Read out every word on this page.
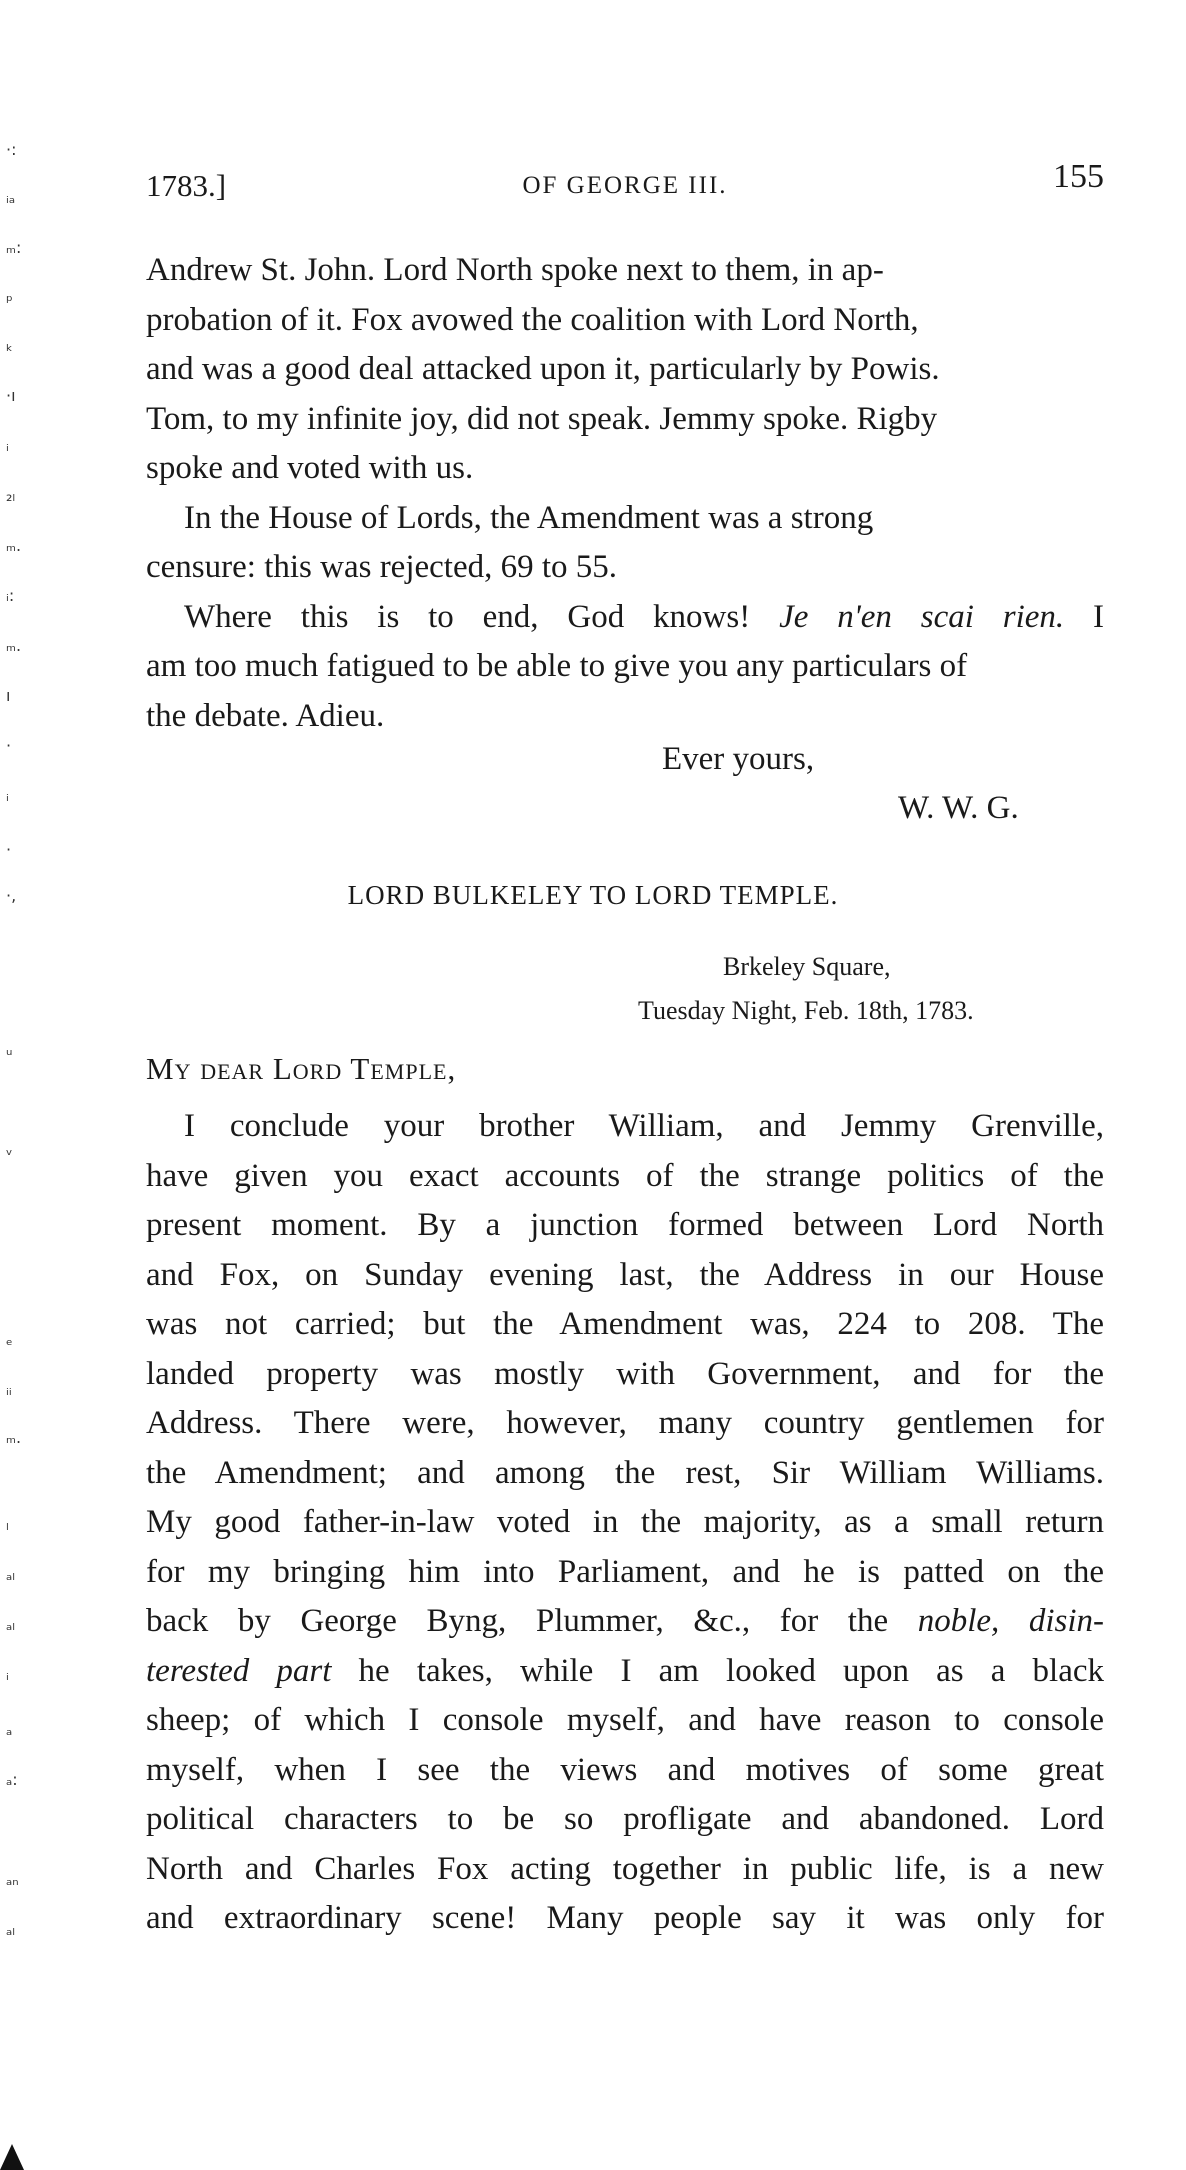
·:
ᵢₐ
ₘ:
ₚ
ₖ
·ı
ᵢ
₂ₗ
ₘ.
ᵢ:
ₘ.
ı
·
ᵢ
·
·,
ᵤ
ᵥ
ₑ
ᵢᵢ
ₘ.
ₗ
ₐₗ
ₐₗ
ᵢ
ₐ
ₐ:
ₐₙ
ₐₗ
1783.]	OF GEORGE III.	155

Andrew St. John. Lord North spoke next to them, in ap-
probation of it. Fox avowed the coalition with Lord North,
and was a good deal attacked upon it, particularly by Powis.
Tom, to my infinite joy, did not speak. Jemmy spoke. Rigby
spoke and voted with us.

In the House of Lords, the Amendment was a strong

censure: this was rejected, 69 to 55.

Where this is to end, God knows! Je n'en scai rien. I

am too much fatigued to be able to give you any particulars of
the debate. Adieu.

Ever yours,
W. W. G.
LORD BULKELEY TO LORD TEMPLE.
Brkeley Square,
Tuesday Night, Feb. 18th, 1783.
My dear Lord Temple,

I conclude your brother William, and Jemmy Grenville,
have given you exact accounts of the strange politics of the
present moment. By a junction formed between Lord North
and Fox, on Sunday evening last, the Address in our House
was not carried; but the Amendment was, 224 to 208. The
landed property was mostly with Government, and for the
Address. There were, however, many country gentlemen for
the Amendment; and among the rest, Sir William Williams.
My good father-in-law voted in the majority, as a small return
for my bringing him into Parliament, and he is patted on the
back by George Byng, Plummer, &c., for the noble, disin-
terested part he takes, while I am looked upon as a black
sheep; of which I console myself, and have reason to console
myself, when I see the views and motives of some great
political characters to be so profligate and abandoned. Lord
North and Charles Fox acting together in public life, is a new
and extraordinary scene! Many people say it was only for
